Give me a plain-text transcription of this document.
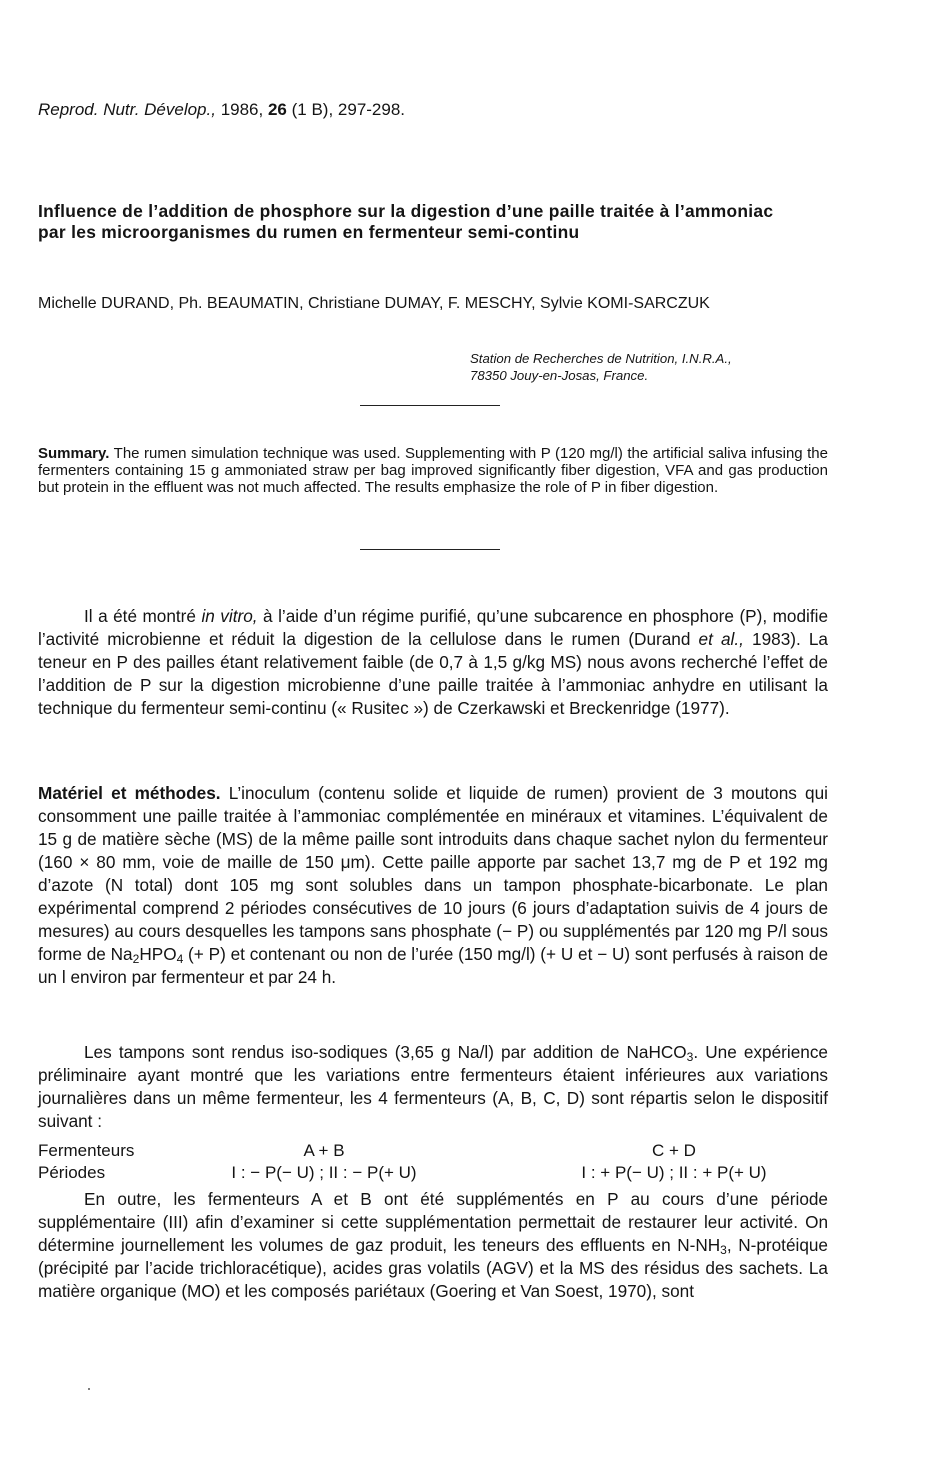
Reprod. Nutr. Dévelop., 1986, 26 (1 B), 297-298.
Influence de l’addition de phosphore sur la digestion d’une paille traitée à l’ammoniac par les microorganismes du rumen en fermenteur semi-continu
Michelle DURAND, Ph. BEAUMATIN, Christiane DUMAY, F. MESCHY, Sylvie KOMI-SARCZUK
Station de Recherches de Nutrition, I.N.R.A.,
78350 Jouy-en-Josas, France.
Summary. The rumen simulation technique was used. Supplementing with P (120 mg/l) the artificial saliva infusing the fermenters containing 15 g ammoniated straw per bag improved significantly fiber digestion, VFA and gas production but protein in the effluent was not much affected. The results emphasize the role of P in fiber digestion.
Il a été montré in vitro, à l’aide d’un régime purifié, qu’une subcarence en phosphore (P), modifie l’activité microbienne et réduit la digestion de la cellulose dans le rumen (Durand et al., 1983). La teneur en P des pailles étant relativement faible (de 0,7 à 1,5 g/kg MS) nous avons recherché l’effet de l’addition de P sur la digestion microbienne d’une paille traitée à l’ammoniac anhydre en utilisant la technique du fermenteur semi-continu (« Rusitec ») de Czerkawski et Breckenridge (1977).
Matériel et méthodes. L’inoculum (contenu solide et liquide de rumen) provient de 3 moutons qui consomment une paille traitée à l’ammoniac complémentée en minéraux et vitamines. L’équivalent de 15 g de matière sèche (MS) de la même paille sont introduits dans chaque sachet nylon du fermenteur (160 × 80 mm, voie de maille de 150 μm). Cette paille apporte par sachet 13,7 mg de P et 192 mg d’azote (N total) dont 105 mg sont solubles dans un tampon phosphate-bicarbonate. Le plan expérimental comprend 2 périodes consécutives de 10 jours (6 jours d’adaptation suivis de 4 jours de mesures) au cours desquelles les tampons sans phosphate (− P) ou supplémentés par 120 mg P/l sous forme de $Na_2HPO_4$ (+ P) et contenant ou non de l’urée (150 mg/l) (+ U et − U) sont perfusés à raison de un l environ par fermenteur et par 24 h.
Les tampons sont rendus iso-sodiques (3,65 g Na/l) par addition de NaHCO$_3$. Une expérience préliminaire ayant montré que les variations entre fermenteurs étaient inférieures aux variations journalières dans un même fermenteur, les 4 fermenteurs (A, B, C, D) sont répartis selon le dispositif suivant :
Fermenteurs	A + B	C + D
Périodes	I : − P(− U) ; II : − P(+ U)	I : + P(− U) ; II : + P(+ U)
En outre, les fermenteurs A et B ont été supplémentés en P au cours d’une période supplémentaire (III) afin d’examiner si cette supplémentation permettait de restaurer leur activité. On détermine journellement les volumes de gaz produit, les teneurs des effluents en $N-NH_3$, N-protéique (précipité par l’acide trichloracétique), acides gras volatils (AGV) et la MS des résidus des sachets. La matière organique (MO) et les composés pariétaux (Goering et Van Soest, 1970), sont
